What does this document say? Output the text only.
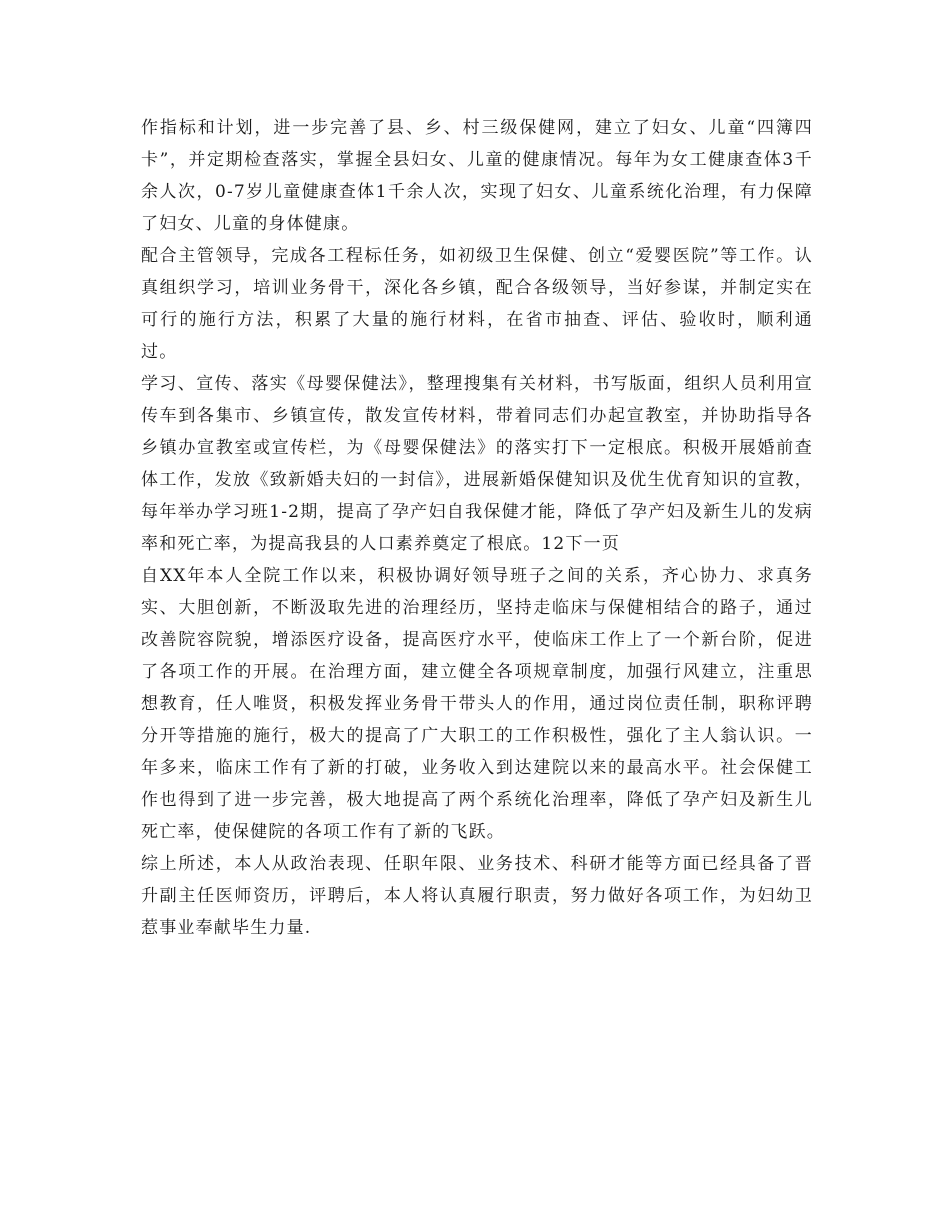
作指标和计划，进一步完善了县、乡、村三级保健网，建立了妇女、儿童“四簿四卡”，并定期检查落实，掌握全县妇女、儿童的健康情况。每年为女工健康查体3千余人次，0-7岁儿童健康查体1千余人次，实现了妇女、儿童系统化治理，有力保障了妇女、儿童的身体健康。

配合主管领导，完成各工程标任务，如初级卫生保健、创立“爱婴医院”等工作。认真组织学习，培训业务骨干，深化各乡镇，配合各级领导，当好参谋，并制定实在可行的施行方法，积累了大量的施行材料，在省市抽查、评估、验收时，顺利通过。

学习、宣传、落实《母婴保健法》，整理搜集有关材料，书写版面，组织人员利用宣传车到各集市、乡镇宣传，散发宣传材料，带着同志们办起宣教室，并协助指导各乡镇办宣教室或宣传栏，为《母婴保健法》的落实打下一定根底。积极开展婚前查体工作，发放《致新婚夫妇的一封信》，进展新婚保健知识及优生优育知识的宣教，每年举办学习班1-2期，提高了孕产妇自我保健才能，降低了孕产妇及新生儿的发病率和死亡率，为提高我县的人口素养奠定了根底。12下一页

自XX年本人全院工作以来，积极协调好领导班子之间的关系，齐心协力、求真务实、大胆创新，不断汲取先进的治理经历，坚持走临床与保健相结合的路子，通过改善院容院貌，增添医疗设备，提高医疗水平，使临床工作上了一个新台阶，促进了各项工作的开展。在治理方面，建立健全各项规章制度，加强行风建立，注重思想教育，任人唯贤，积极发挥业务骨干带头人的作用，通过岗位责任制，职称评聘分开等措施的施行，极大的提高了广大职工的工作积极性，强化了主人翁认识。一年多来，临床工作有了新的打破，业务收入到达建院以来的最高水平。社会保健工作也得到了进一步完善，极大地提高了两个系统化治理率，降低了孕产妇及新生儿死亡率，使保健院的各项工作有了新的飞跃。

综上所述，本人从政治表现、任职年限、业务技术、科研才能等方面已经具备了晋升副主任医师资历，评聘后，本人将认真履行职责，努力做好各项工作，为妇幼卫惹事业奉献毕生力量.
